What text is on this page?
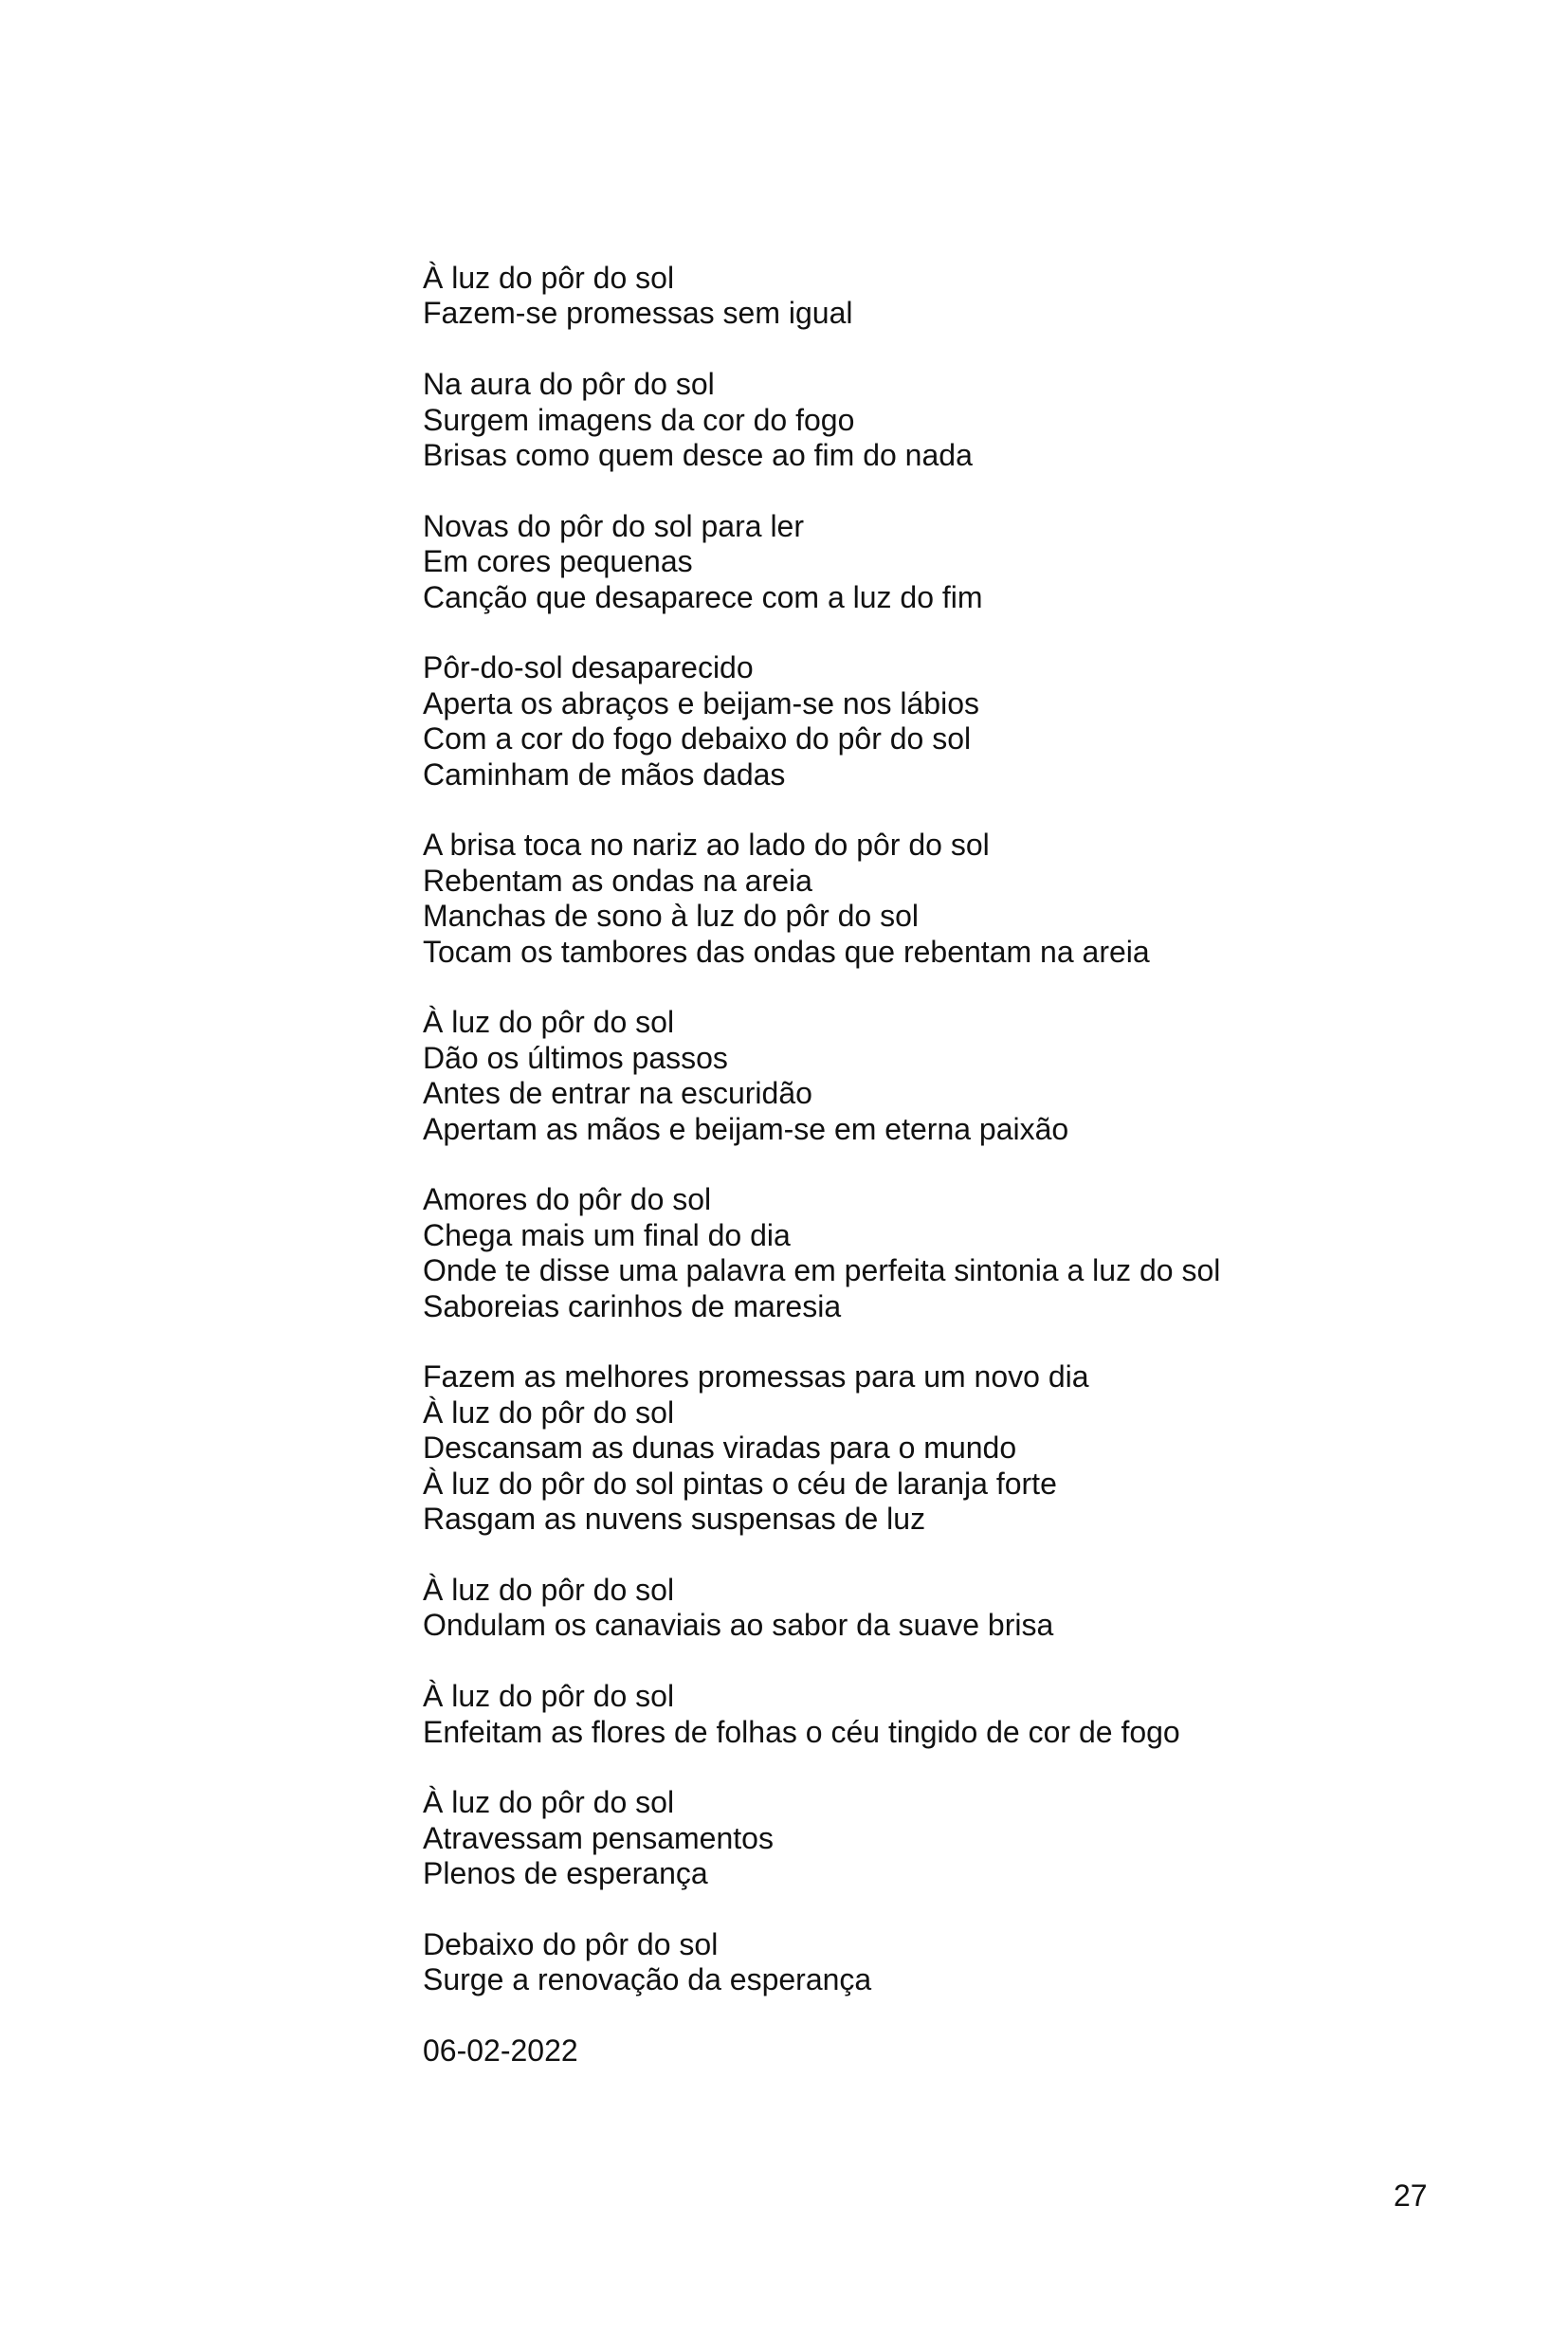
À luz do pôr do sol
Fazem-se promessas sem igual
Na aura do pôr do sol
Surgem imagens da cor do fogo
Brisas como quem desce ao fim do nada
Novas do pôr do sol para ler
Em cores pequenas
Canção que desaparece com a luz do fim
Pôr-do-sol desaparecido
Aperta os abraços e beijam-se nos lábios
Com a cor do fogo debaixo do pôr do sol
Caminham de mãos dadas
A brisa toca no nariz ao lado do pôr do sol
Rebentam as ondas na areia
Manchas de sono à luz do pôr do sol
Tocam os tambores das ondas que rebentam na areia
À luz do pôr do sol
Dão os últimos passos
Antes de entrar na escuridão
Apertam as mãos e beijam-se em eterna paixão
Amores do pôr do sol
Chega mais um final do dia
Onde te disse uma palavra em perfeita sintonia a luz do sol
Saboreias carinhos de maresia
Fazem as melhores promessas para um novo dia
À luz do pôr do sol
Descansam as dunas viradas para o mundo
À luz do pôr do sol pintas o céu de laranja forte
Rasgam as nuvens suspensas de luz
À luz do pôr do sol
Ondulam os canaviais ao sabor da suave brisa
À luz do pôr do sol
Enfeitam as flores de folhas o céu tingido de cor de fogo
À luz do pôr do sol
Atravessam pensamentos
Plenos de esperança
Debaixo do pôr do sol
Surge a renovação da esperança
06-02-2022
27
